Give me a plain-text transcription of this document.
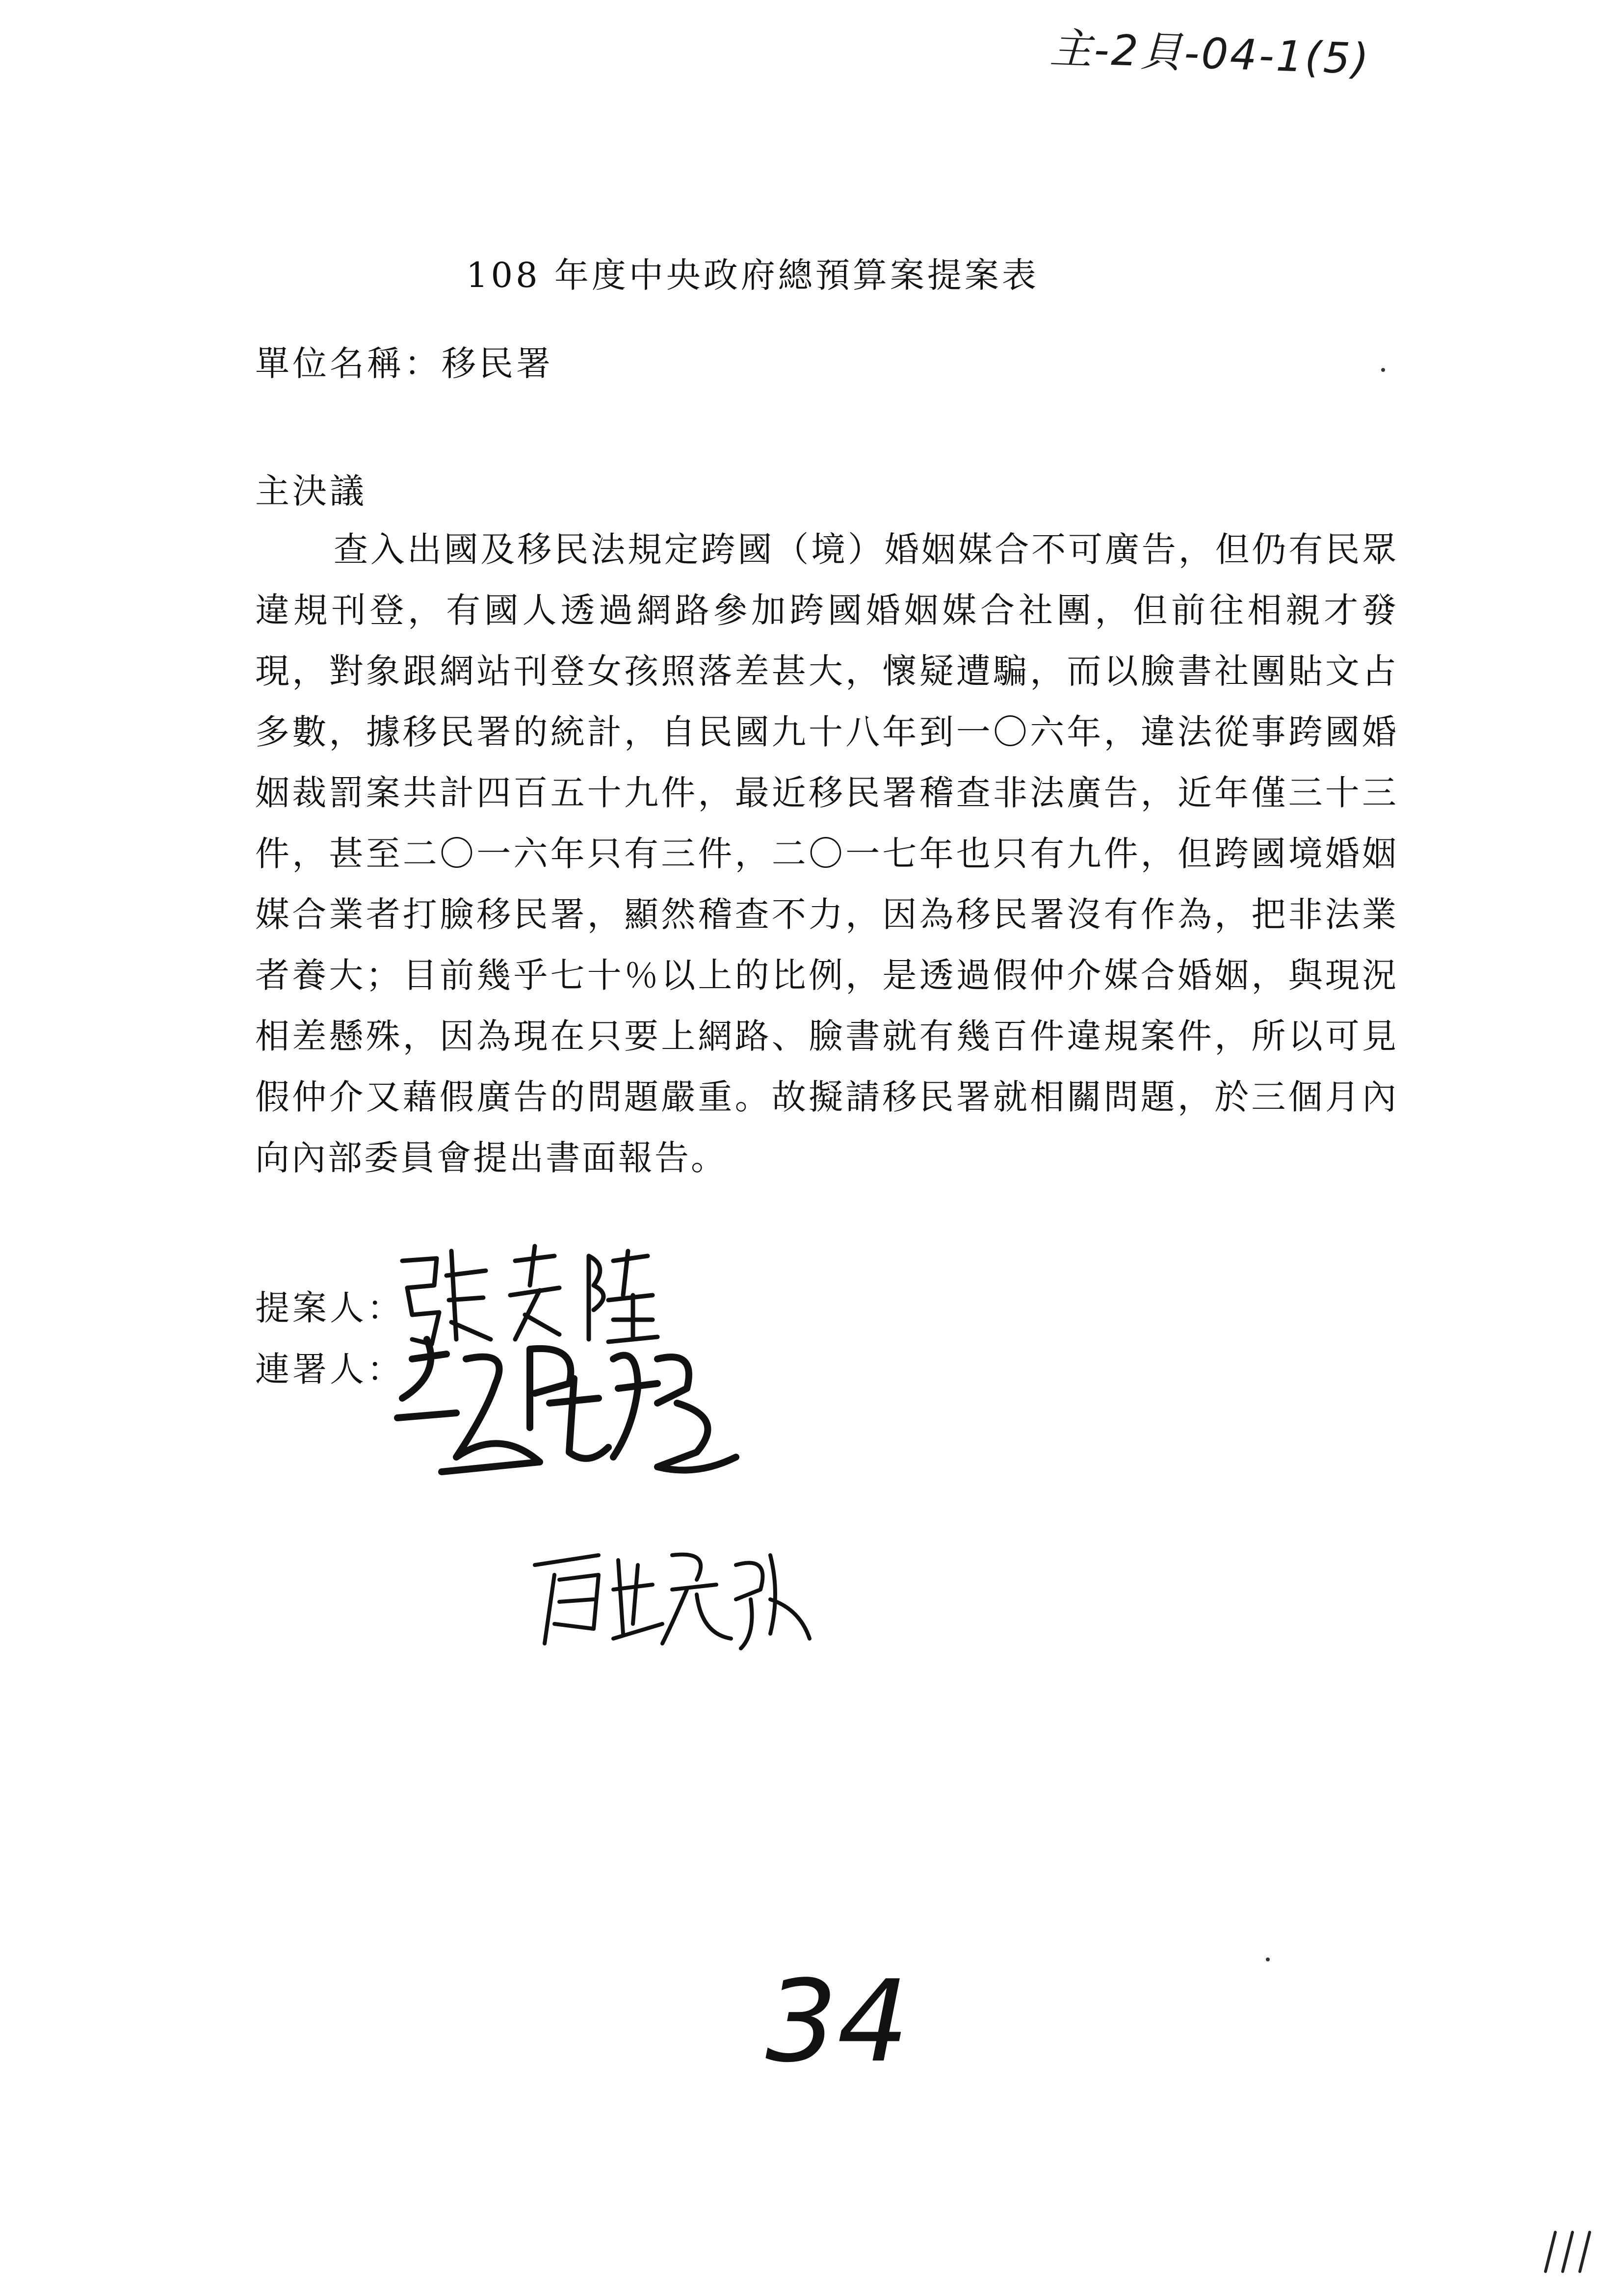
主-2貝-04-1(5)
108 年度中央政府總預算案提案表
單位名稱：移民署
主決議

查入出國及移民法規定跨國（境）婚姻媒合不可廣告，但仍有民眾違規刊登，有國人透過網路參加跨國婚姻媒合社團，但前往相親才發現，對象跟網站刊登女孩照落差甚大，懷疑遭騙，而以臉書社團貼文占多數，據移民署的統計，自民國九十八年到一〇六年，違法從事跨國婚姻裁罰案共計四百五十九件，最近移民署稽查非法廣告，近年僅三十三件，甚至二〇一六年只有三件，二〇一七年也只有九件，但跨國境婚姻媒合業者打臉移民署，顯然稽查不力，因為移民署沒有作為，把非法業者養大；目前幾乎七十％以上的比例，是透過假仲介媒合婚姻，與現況相差懸殊，因為現在只要上網路、臉書就有幾百件違規案件，所以可見假仲介又藉假廣告的問題嚴重。故擬請移民署就相關問題，於三個月內向內部委員會提出書面報告。

提案人：
連署人：
34
